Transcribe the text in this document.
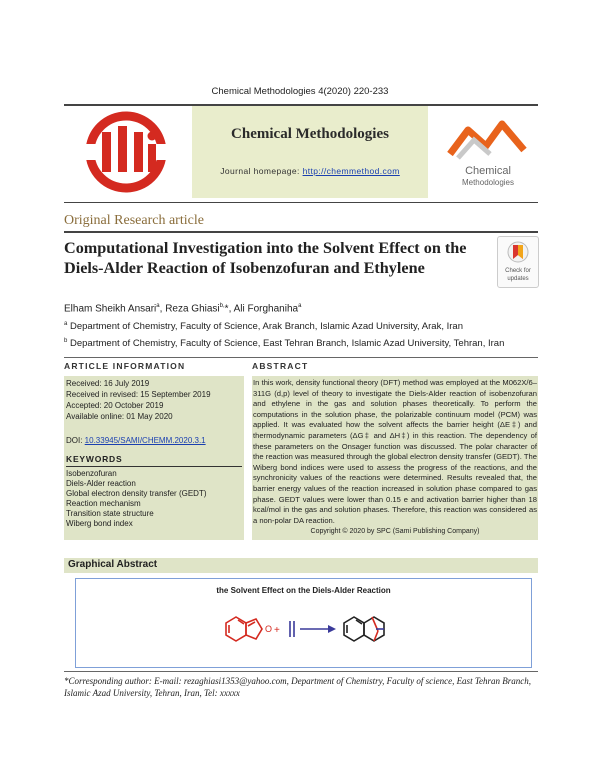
Chemical Methodologies 4(2020) 220-233
Chemical Methodologies
Journal homepage: http://chemmethod.com	Chemical
Methodologies
Original Research article
Computational Investigation into the Solvent Effect on the Diels-Alder Reaction of Isobenzofuran and Ethylene	Check for
updates
Elham Sheikh Ansari$^a$, Reza Ghiasi$^{b,}$*, Ali Forghaniha$^a$
$^a$ Department of Chemistry, Faculty of Science, Arak Branch, Islamic Azad University, Arak, Iran
$^b$ Department of Chemistry, Faculty of Science, East Tehran Branch, Islamic Azad University, Tehran, Iran
ARTICLE INFORMATION	ABSTRACT
Received: 16 July 2019
Received in revised: 15 September 2019
Accepted: 20 October 2019
Available online: 01 May 2020
DOI: 10.33945/SAMI/CHEMM.2020.3.1
KEYWORDS
Isobenzofuran
Diels-Alder reaction
Global electron density transfer (GEDT)
Reaction mechanism
Transition state structure
Wiberg bond index
In this work, density functional theory (DFT) method was employed at the M062X/6–311G (d,p) level of theory to investigate the Diels-Alder reaction of isobenzofuran and ethylene in the gas and solution phases theoretically. To perform the computations in the solution phase, the polarizable continuum model (PCM) was applied. It was evaluated how the solvent affects the barrier height (ΔE‡) and thermodynamic parameters (ΔG‡ and ΔH‡) in this reaction. The dependency of these parameters on the Onsager function was discussed. The polar character of the reaction was measured through the global electron density transfer (GEDT). The Wiberg bond indices were used to assess the progress of the reactions, and the synchronicity values of the reactions were determined. Results revealed that, the barrier energy values of the reaction increased in solution phase compared to gas phase. GEDT values were lower than 0.15 e and activation barrier higher than 18 kcal/mol in the gas and solution phases. Therefore, this reaction was considered as a non-polar DA reaction.
Copyright © 2020 by SPC (Sami Publishing Company)
Graphical Abstract
the Solvent Effect on the Diels-Alder Reaction
O +
*Corresponding author: E-mail: rezaghiasi1353@yahoo.com, Department of Chemistry, Faculty of science, East Tehran Branch, Islamic Azad University, Tehran, Iran, Tel: xxxxx
